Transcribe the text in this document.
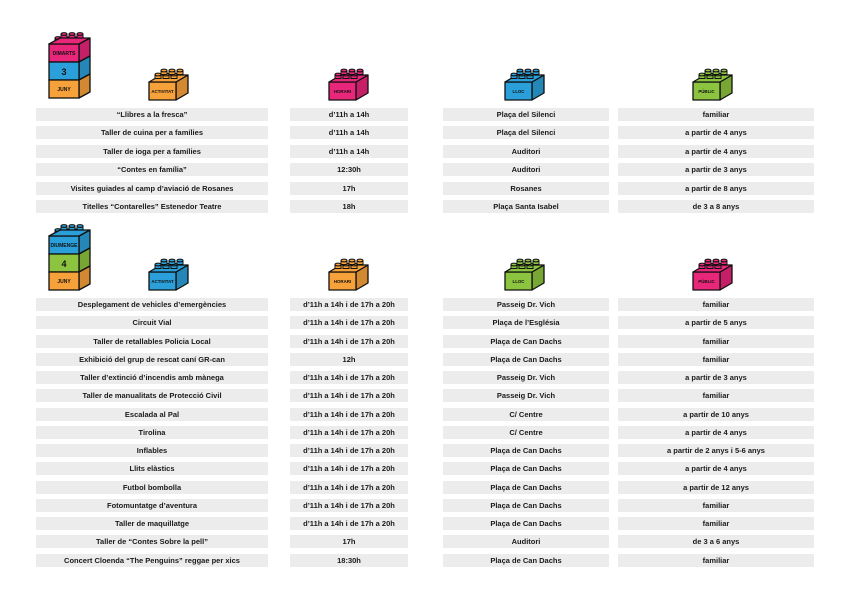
DIMARTS
3
JUNY	ACTIVITAT	HORARI	LLOC	PÚBLIC
“Llibres a la fresca”	d’11h a 14h	Plaça del Silenci	familiar
Taller de cuina per a famílies	d’11h a 14h	Plaça del Silenci	a partir de 4 anys
Taller de ioga per a famílies	d’11h a 14h	Auditori	a partir de 4 anys
“Contes en família”	12:30h	Auditori	a partir de 3 anys
Visites guiades al camp d’aviació de Rosanes	17h	Rosanes	a partir de 8 anys
Titelles “Contarelles” Estenedor Teatre	18h	Plaça Santa Isabel	de 3 a 8 anys
DIUMENGE
4
JUNY	ACTIVITAT	HORARI	LLOC	PÚBLIC
Desplegament de vehicles d’emergències	d’11h a 14h i de 17h a 20h	Passeig Dr. Vich	familiar
Circuit Vial	d’11h a 14h i de 17h a 20h	Plaça de l’Església	a partir de 5 anys
Taller de retallables Policia Local	d’11h a 14h i de 17h a 20h	Plaça de Can Dachs	familiar
Exhibició del grup de rescat caní GR-can	12h	Plaça de Can Dachs	familiar
Taller d’extinció d’incendis amb mànega	d’11h a 14h i de 17h a 20h	Passeig Dr. Vich	a partir de 3 anys
Taller de manualitats de Protecció Civil	d’11h a 14h i de 17h a 20h	Passeig Dr. Vich	familiar
Escalada al Pal	d’11h a 14h i de 17h a 20h	C/ Centre	a partir de 10 anys
Tirolina	d’11h a 14h i de 17h a 20h	C/ Centre	a partir de 4 anys
Inflables	d’11h a 14h i de 17h a 20h	Plaça de Can Dachs	a partir de 2 anys i 5-6 anys
Llits elàstics	d’11h a 14h i de 17h a 20h	Plaça de Can Dachs	a partir de 4 anys
Futbol bombolla	d’11h a 14h i de 17h a 20h	Plaça de Can Dachs	a partir de 12 anys
Fotomuntatge d’aventura	d’11h a 14h i de 17h a 20h	Plaça de Can Dachs	familiar
Taller de maquillatge	d’11h a 14h i de 17h a 20h	Plaça de Can Dachs	familiar
Taller de “Contes Sobre la pell”	17h	Auditori	de 3 a 6 anys
Concert Cloenda “The Penguins” reggae per xics	18:30h	Plaça de Can Dachs	familiar
